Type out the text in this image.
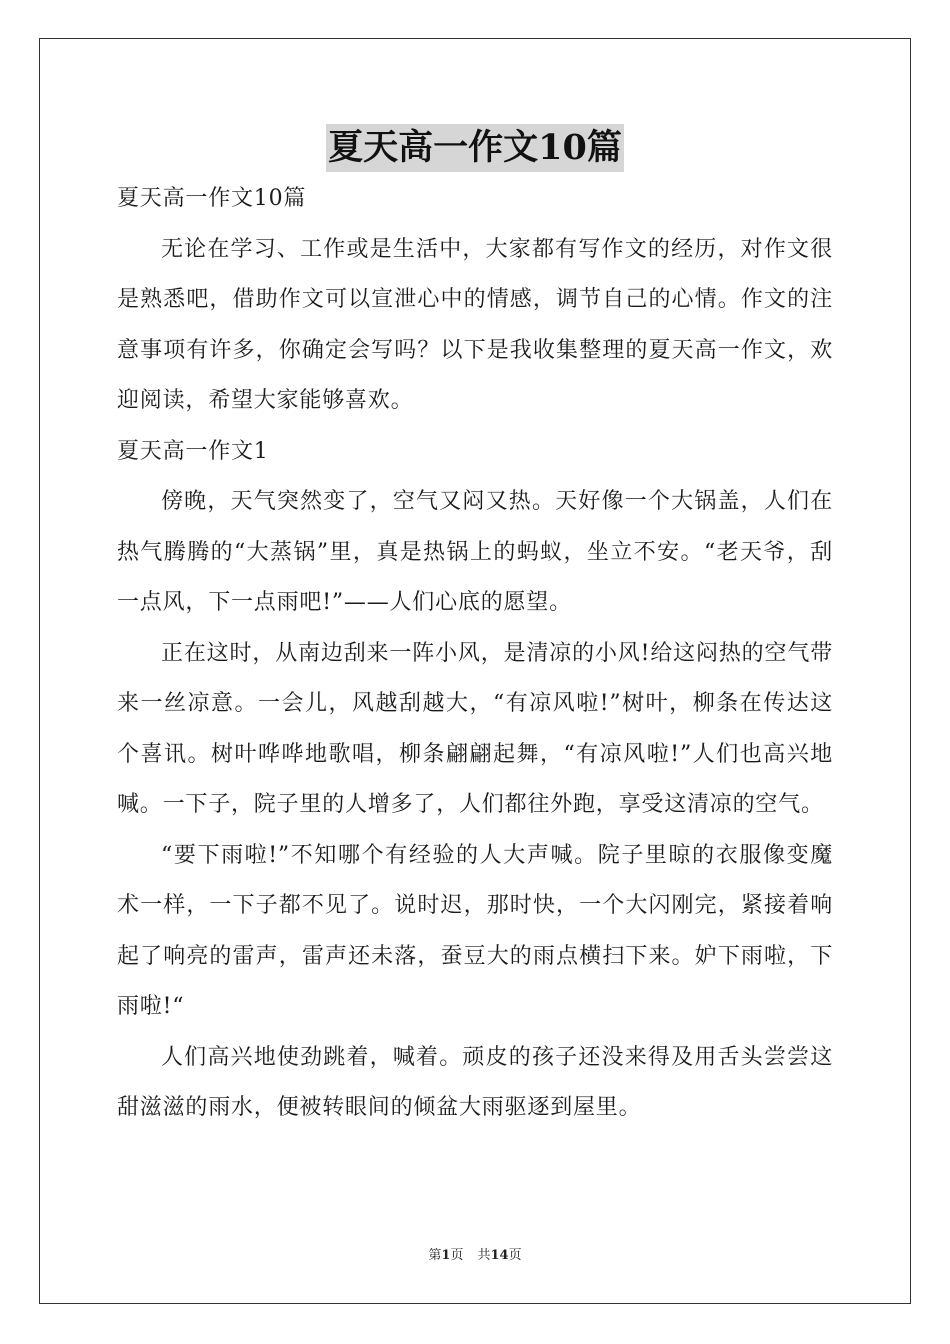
夏天高一作文10篇

夏天高一作文10篇

无论在学习、工作或是生活中，大家都有写作文的经历，对作文很是熟悉吧，借助作文可以宣泄心中的情感，调节自己的心情。作文的注意事项有许多，你确定会写吗？以下是我收集整理的夏天高一作文，欢迎阅读，希望大家能够喜欢。

夏天高一作文1

傍晚，天气突然变了，空气又闷又热。天好像一个大锅盖，人们在热气腾腾的“大蒸锅”里，真是热锅上的蚂蚁，坐立不安。“老天爷，刮一点风，下一点雨吧!”——人们心底的愿望。

正在这时，从南边刮来一阵小风，是清凉的小风!给这闷热的空气带来一丝凉意。一会儿，风越刮越大，“有凉风啦!”树叶，柳条在传达这个喜讯。树叶哗哗地歌唱，柳条翩翩起舞，“有凉风啦!”人们也高兴地喊。一下子，院子里的人增多了，人们都往外跑，享受这清凉的空气。

“要下雨啦!”不知哪个有经验的人大声喊。院子里晾的衣服像变魔术一样，一下子都不见了。说时迟，那时快，一个大闪刚完，紧接着响起了响亮的雷声，雷声还未落，蚕豆大的雨点横扫下来。妒下雨啦，下雨啦!“

人们高兴地使劲跳着，喊着。顽皮的孩子还没来得及用舌头尝尝这甜滋滋的雨水，便被转眼间的倾盆大雨驱逐到屋里。

第1页 共14页
